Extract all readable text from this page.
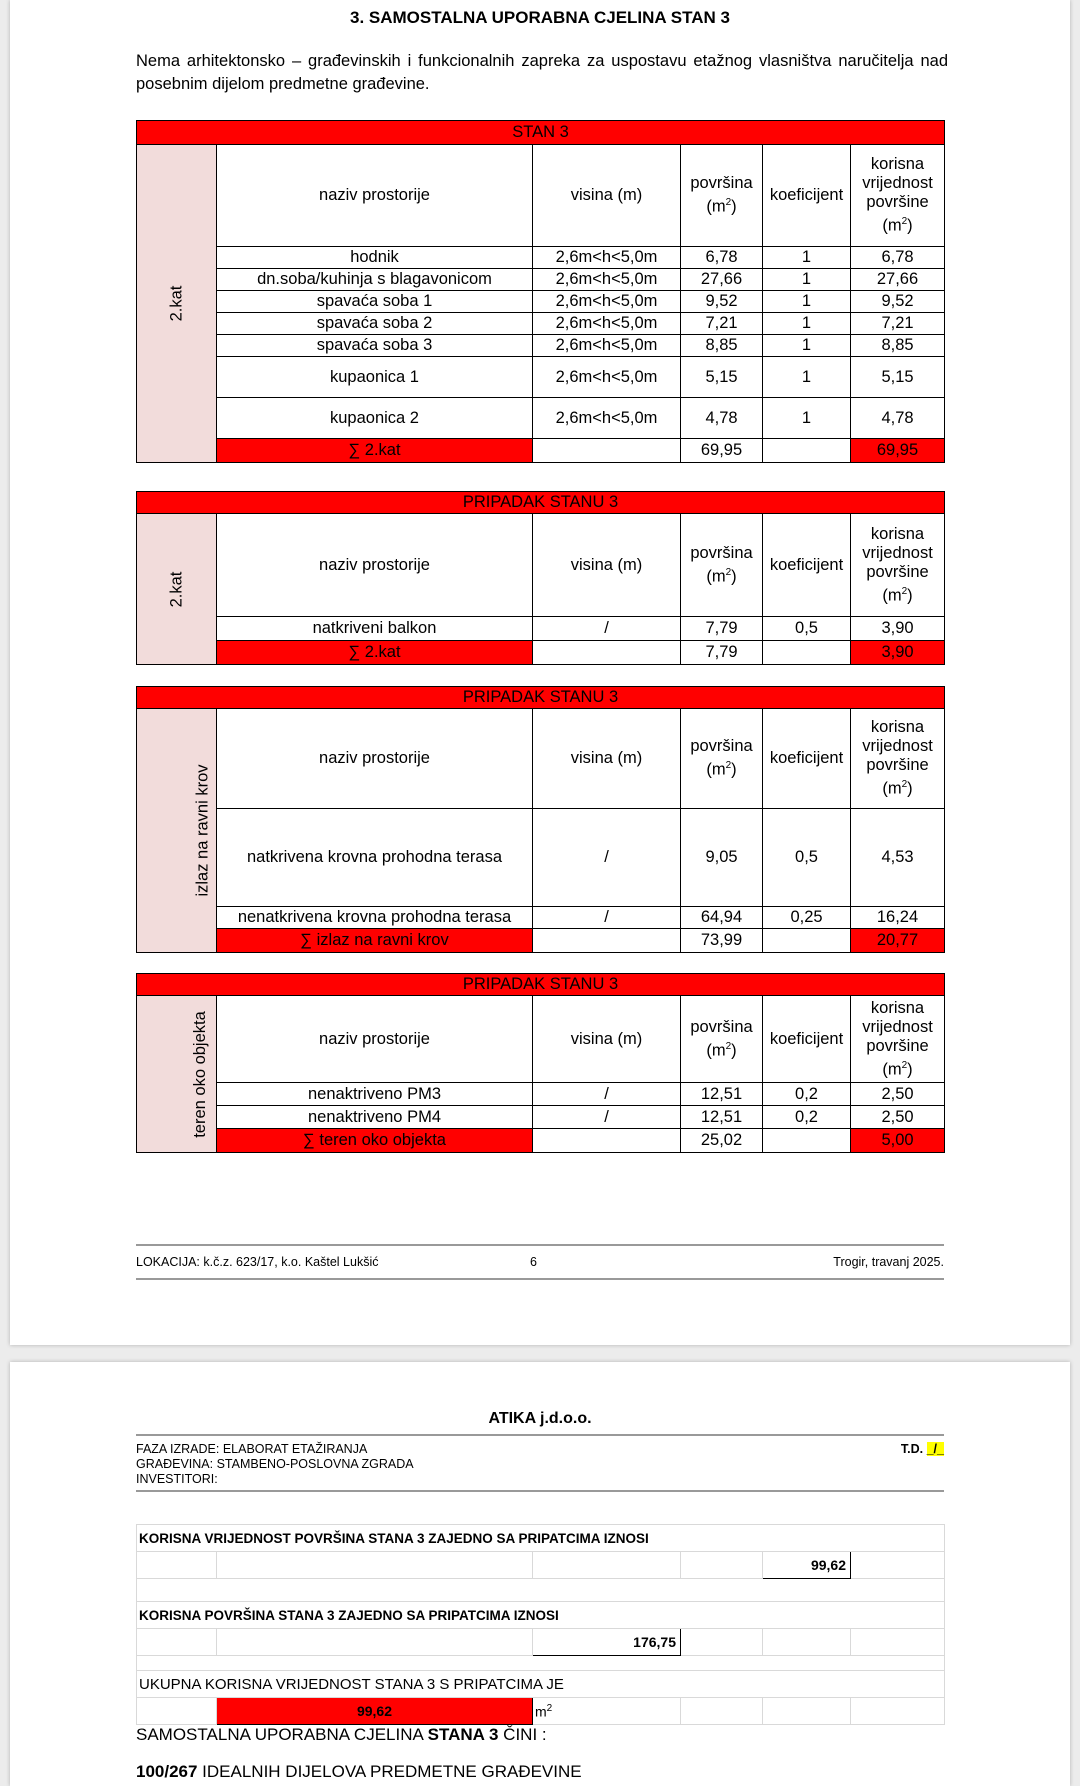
3. SAMOSTALNA UPORABNA CJELINA STAN 3
Nema arhitektonsko – građevinskih i funkcionalnih zapreka za uspostavu etažnog vlasništva naručitelja nad posebnim dijelom predmetne građevine.
STAN 3					
2.kat	naziv prostorije	visina (m)	površina
$(m^2)$	koeficijent	korisna vrijednost površine
$(m^2)$
	hodnik	2,6m<h<5,0m	6,78	1	6,78
	dn.soba/kuhinja s blagavonicom	2,6m<h<5,0m	27,66	1	27,66
	spavaća soba 1	2,6m<h<5,0m	9,52	1	9,52
	spavaća soba 2	2,6m<h<5,0m	7,21	1	7,21
	spavaća soba 3	2,6m<h<5,0m	8,85	1	8,85
	kupaonica 1	2,6m<h<5,0m	5,15	1	5,15
	kupaonica 2	2,6m<h<5,0m	4,78	1	4,78
	∑ 2.kat		69,95		69,95
PRIPADAK STANU 3					
2.kat	naziv prostorije	visina (m)	površina
$(m^2)$	koeficijent	korisna vrijednost površine
$(m^2)$
	natkriveni balkon	/	7,79	0,5	3,90
	∑ 2.kat		7,79		3,90
PRIPADAK STANU 3					
izlaz na ravni krov	naziv prostorije	visina (m)	površina
$(m^2)$	koeficijent	korisna vrijednost površine
$(m^2)$
	natkrivena krovna prohodna terasa	/	9,05	0,5	4,53
	nenatkrivena krovna prohodna terasa	/	64,94	0,25	16,24
	∑ izlaz na ravni krov		73,99		20,77
PRIPADAK STANU 3					
teren oko objekta	naziv prostorije	visina (m)	površina
$(m^2)$	koeficijent	korisna vrijednost površine
$(m^2)$
	nenaktriveno PM3	/	12,51	0,2	2,50
	nenaktriveno PM4	/	12,51	0,2	2,50
	∑ teren oko objekta		25,02		5,00
LOKACIJA: k.č.z. 623/17, k.o. Kaštel Lukšić	6	Trogir, travanj 2025.
ATIKA j.d.o.o.
FAZA IZRADE: ELABORAT ETAŽIRANJA
GRAĐEVINA: STAMBENO-POSLOVNA ZGRADA
INVESTITORI:
T.D. _/_
KORISNA VRIJEDNOST POVRŠINA STANA 3 ZAJEDNO SA PRIPATCIMA IZNOSI					
				99,62	

KORISNA POVRŠINA STANA 3 ZAJEDNO SA PRIPATCIMA IZNOSI					
		176,75			

UKUPNA KORISNA VRIJEDNOST STANA 3 S PRIPATCIMA JE					
	99,62	$m^2$			
SAMOSTALNA UPORABNA CJELINA STANA 3 ČINI :
100/267 IDEALNIH DIJELOVA PREDMETNE GRAĐEVINE
